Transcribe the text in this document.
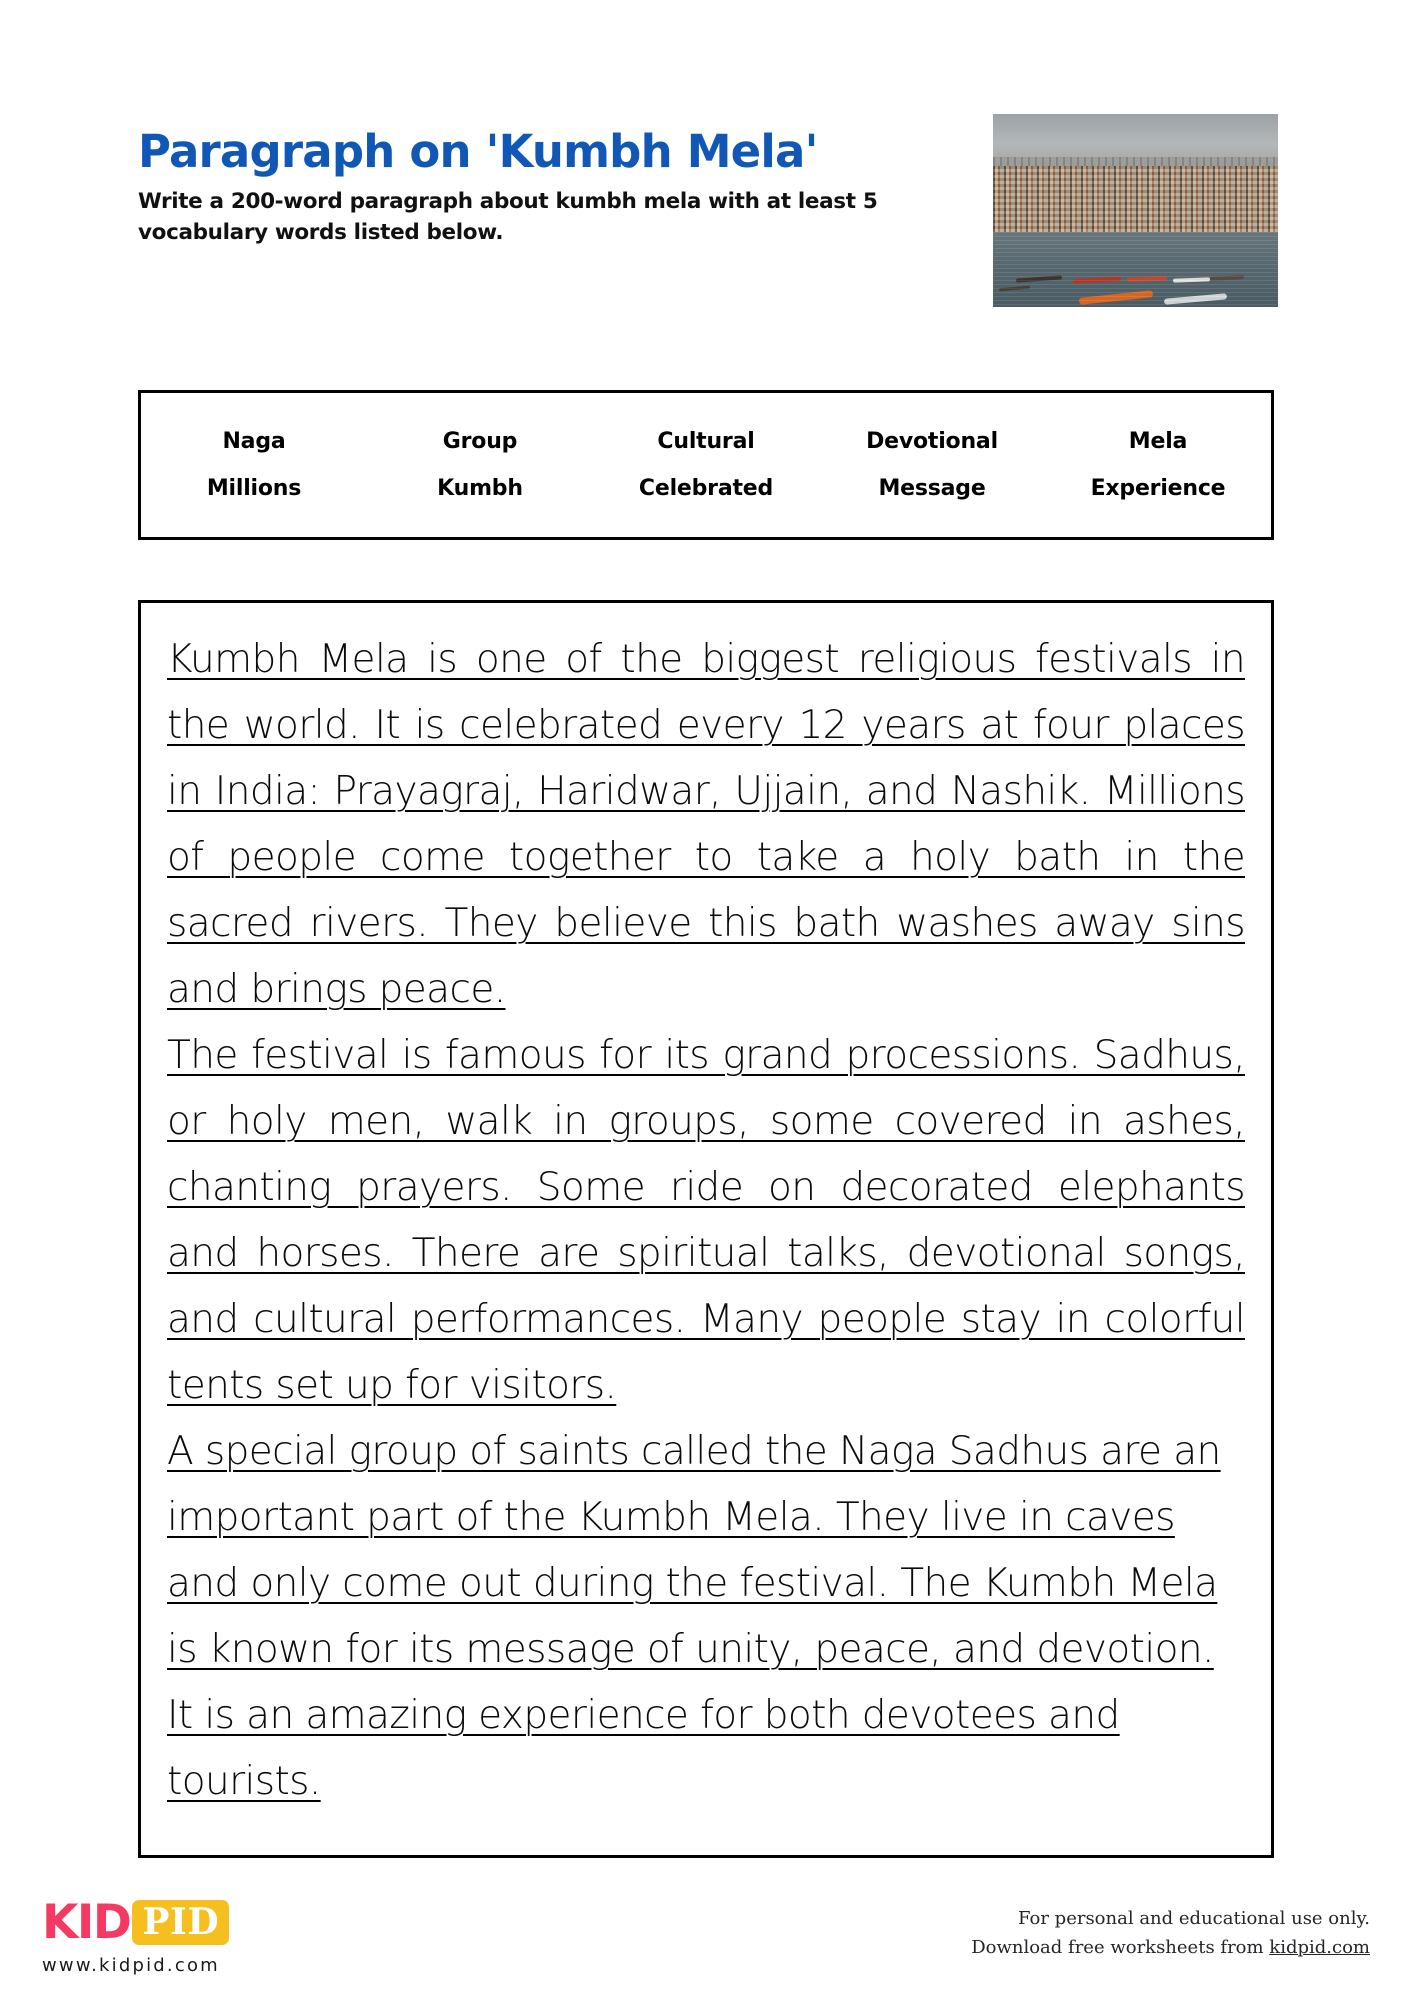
Paragraph on 'Kumbh Mela'
Write a 200-word paragraph about kumbh mela with at least 5 vocabulary words listed below.
Naga	Group	Cultural	Devotional	Mela
Millions	Kumbh	Celebrated	Message	Experience

Kumbh Mela is one of the biggest religious festivals in the world. It is celebrated every 12 years at four places in India: Prayagraj, Haridwar, Ujjain, and Nashik. Millions of people come together to take a holy bath in the sacred rivers. They believe this bath washes away sins and brings peace.

The festival is famous for its grand processions. Sadhus, or holy men, walk in groups, some covered in ashes, chanting prayers. Some ride on decorated elephants and horses. There are spiritual talks, devotional songs, and cultural performances. Many people stay in colorful tents set up for visitors.

A special group of saints called the Naga Sadhus are an important part of the Kumbh Mela. They live in caves and only come out during the festival. The Kumbh Mela is known for its message of unity, peace, and devotion. It is an amazing experience for both devotees and tourists.

KID PID
www.kidpid.com
For personal and educational use only.
Download free worksheets from kidpid.com
